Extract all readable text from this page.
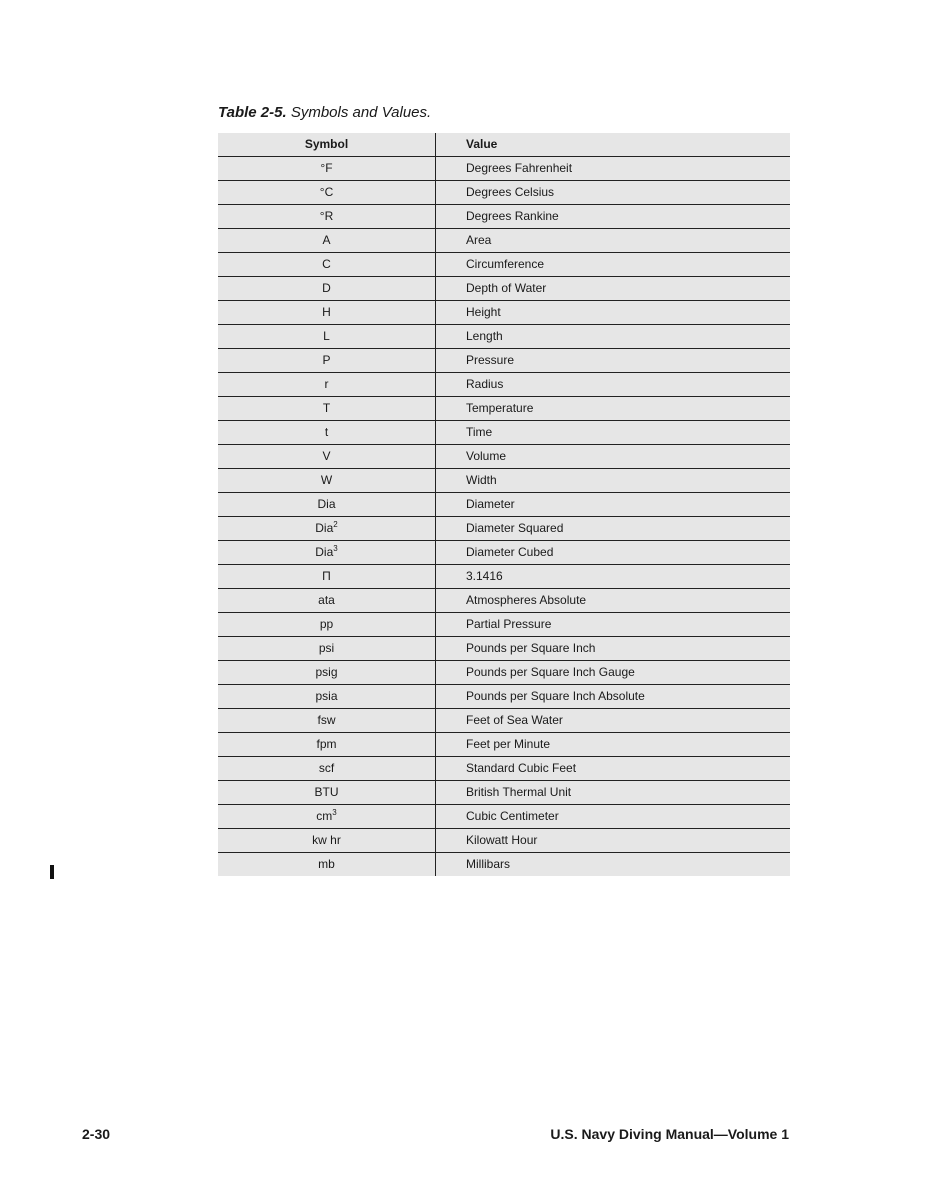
Table 2-5. Symbols and Values.
Symbol	Value
°F	Degrees Fahrenheit
°C	Degrees Celsius
°R	Degrees Rankine
A	Area
C	Circumference
D	Depth of Water
H	Height
L	Length
P	Pressure
r	Radius
T	Temperature
t	Time
V	Volume
W	Width
Dia	Diameter
Dia$^2$	Diameter Squared
Dia$^3$	Diameter Cubed
Π	3.1416
ata	Atmospheres Absolute
pp	Partial Pressure
psi	Pounds per Square Inch
psig	Pounds per Square Inch Gauge
psia	Pounds per Square Inch Absolute
fsw	Feet of Sea Water
fpm	Feet per Minute
scf	Standard Cubic Feet
BTU	British Thermal Unit
$cm^3$	Cubic Centimeter
kw hr	Kilowatt Hour
mb	Millibars
2-30	U.S. Navy Diving Manual—Volume 1
